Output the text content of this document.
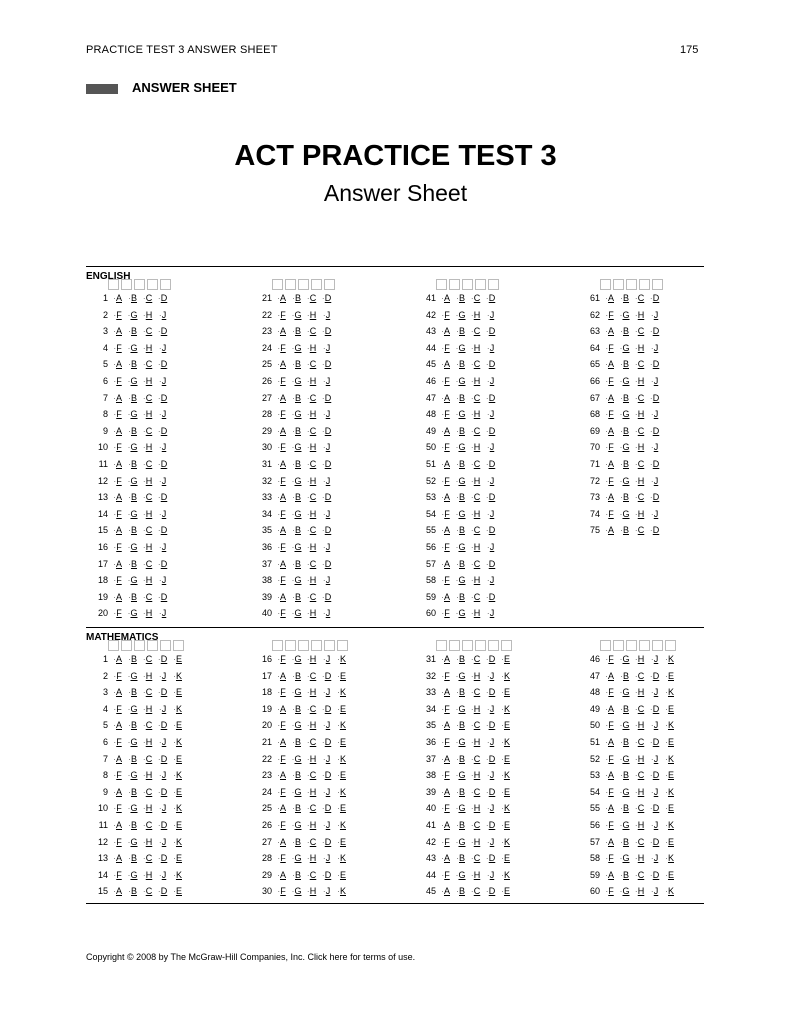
PRACTICE TEST 3 ANSWER SHEET	175
ANSWER SHEET
ACT PRACTICE TEST 3
Answer Sheet
ENGLISH
1 ·A ·B ·C ·D
2 ·F ·G ·H ·J
3 ·A ·B ·C ·D
4 ·F ·G ·H ·J
5 ·A ·B ·C ·D
6 ·F ·G ·H ·J
7 ·A ·B ·C ·D
8 ·F ·G ·H ·J
9 ·A ·B ·C ·D
10 ·F ·G ·H ·J
11 ·A ·B ·C ·D
12 ·F ·G ·H ·J
13 ·A ·B ·C ·D
14 ·F ·G ·H ·J
15 ·A ·B ·C ·D
16 ·F ·G ·H ·J
17 ·A ·B ·C ·D
18 ·F ·G ·H ·J
19 ·A ·B ·C ·D
20 ·F ·G ·H ·J
21 ·A ·B ·C ·D
22 ·F ·G ·H ·J
23 ·A ·B ·C ·D
24 ·F ·G ·H ·J
25 ·A ·B ·C ·D
26 ·F ·G ·H ·J
27 ·A ·B ·C ·D
28 ·F ·G ·H ·J
29 ·A ·B ·C ·D
30 ·F ·G ·H ·J
31 ·A ·B ·C ·D
32 ·F ·G ·H ·J
33 ·A ·B ·C ·D
34 ·F ·G ·H ·J
35 ·A ·B ·C ·D
36 ·F ·G ·H ·J
37 ·A ·B ·C ·D
38 ·F ·G ·H ·J
39 ·A ·B ·C ·D
40 ·F ·G ·H ·J
41 ·A ·B ·C ·D
42 ·F ·G ·H ·J
43 ·A ·B ·C ·D
44 ·F ·G ·H ·J
45 ·A ·B ·C ·D
46 ·F ·G ·H ·J
47 ·A ·B ·C ·D
48 ·F ·G ·H ·J
49 ·A ·B ·C ·D
50 ·F ·G ·H ·J
51 ·A ·B ·C ·D
52 ·F ·G ·H ·J
53 ·A ·B ·C ·D
54 ·F ·G ·H ·J
55 ·A ·B ·C ·D
56 ·F ·G ·H ·J
57 ·A ·B ·C ·D
58 ·F ·G ·H ·J
59 ·A ·B ·C ·D
60 ·F ·G ·H ·J
61 ·A ·B ·C ·D
62 ·F ·G ·H ·J
63 ·A ·B ·C ·D
64 ·F ·G ·H ·J
65 ·A ·B ·C ·D
66 ·F ·G ·H ·J
67 ·A ·B ·C ·D
68 ·F ·G ·H ·J
69 ·A ·B ·C ·D
70 ·F ·G ·H ·J
71 ·A ·B ·C ·D
72 ·F ·G ·H ·J
73 ·A ·B ·C ·D
74 ·F ·G ·H ·J
75 ·A ·B ·C ·D
MATHEMATICS
1 ·A ·B ·C ·D ·E
2 ·F ·G ·H ·J ·K
3 ·A ·B ·C ·D ·E
4 ·F ·G ·H ·J ·K
5 ·A ·B ·C ·D ·E
6 ·F ·G ·H ·J ·K
7 ·A ·B ·C ·D ·E
8 ·F ·G ·H ·J ·K
9 ·A ·B ·C ·D ·E
10 ·F ·G ·H ·J ·K
11 ·A ·B ·C ·D ·E
12 ·F ·G ·H ·J ·K
13 ·A ·B ·C ·D ·E
14 ·F ·G ·H ·J ·K
15 ·A ·B ·C ·D ·E
16 ·F ·G ·H ·J ·K
17 ·A ·B ·C ·D ·E
18 ·F ·G ·H ·J ·K
19 ·A ·B ·C ·D ·E
20 ·F ·G ·H ·J ·K
21 ·A ·B ·C ·D ·E
22 ·F ·G ·H ·J ·K
23 ·A ·B ·C ·D ·E
24 ·F ·G ·H ·J ·K
25 ·A ·B ·C ·D ·E
26 ·F ·G ·H ·J ·K
27 ·A ·B ·C ·D ·E
28 ·F ·G ·H ·J ·K
29 ·A ·B ·C ·D ·E
30 ·F ·G ·H ·J ·K
31 ·A ·B ·C ·D ·E
32 ·F ·G ·H ·J ·K
33 ·A ·B ·C ·D ·E
34 ·F ·G ·H ·J ·K
35 ·A ·B ·C ·D ·E
36 ·F ·G ·H ·J ·K
37 ·A ·B ·C ·D ·E
38 ·F ·G ·H ·J ·K
39 ·A ·B ·C ·D ·E
40 ·F ·G ·H ·J ·K
41 ·A ·B ·C ·D ·E
42 ·F ·G ·H ·J ·K
43 ·A ·B ·C ·D ·E
44 ·F ·G ·H ·J ·K
45 ·A ·B ·C ·D ·E
46 ·F ·G ·H ·J ·K
47 ·A ·B ·C ·D ·E
48 ·F ·G ·H ·J ·K
49 ·A ·B ·C ·D ·E
50 ·F ·G ·H ·J ·K
51 ·A ·B ·C ·D ·E
52 ·F ·G ·H ·J ·K
53 ·A ·B ·C ·D ·E
54 ·F ·G ·H ·J ·K
55 ·A ·B ·C ·D ·E
56 ·F ·G ·H ·J ·K
57 ·A ·B ·C ·D ·E
58 ·F ·G ·H ·J ·K
59 ·A ·B ·C ·D ·E
60 ·F ·G ·H ·J ·K
Copyright © 2008 by The McGraw-Hill Companies, Inc. Click here for terms of use.
